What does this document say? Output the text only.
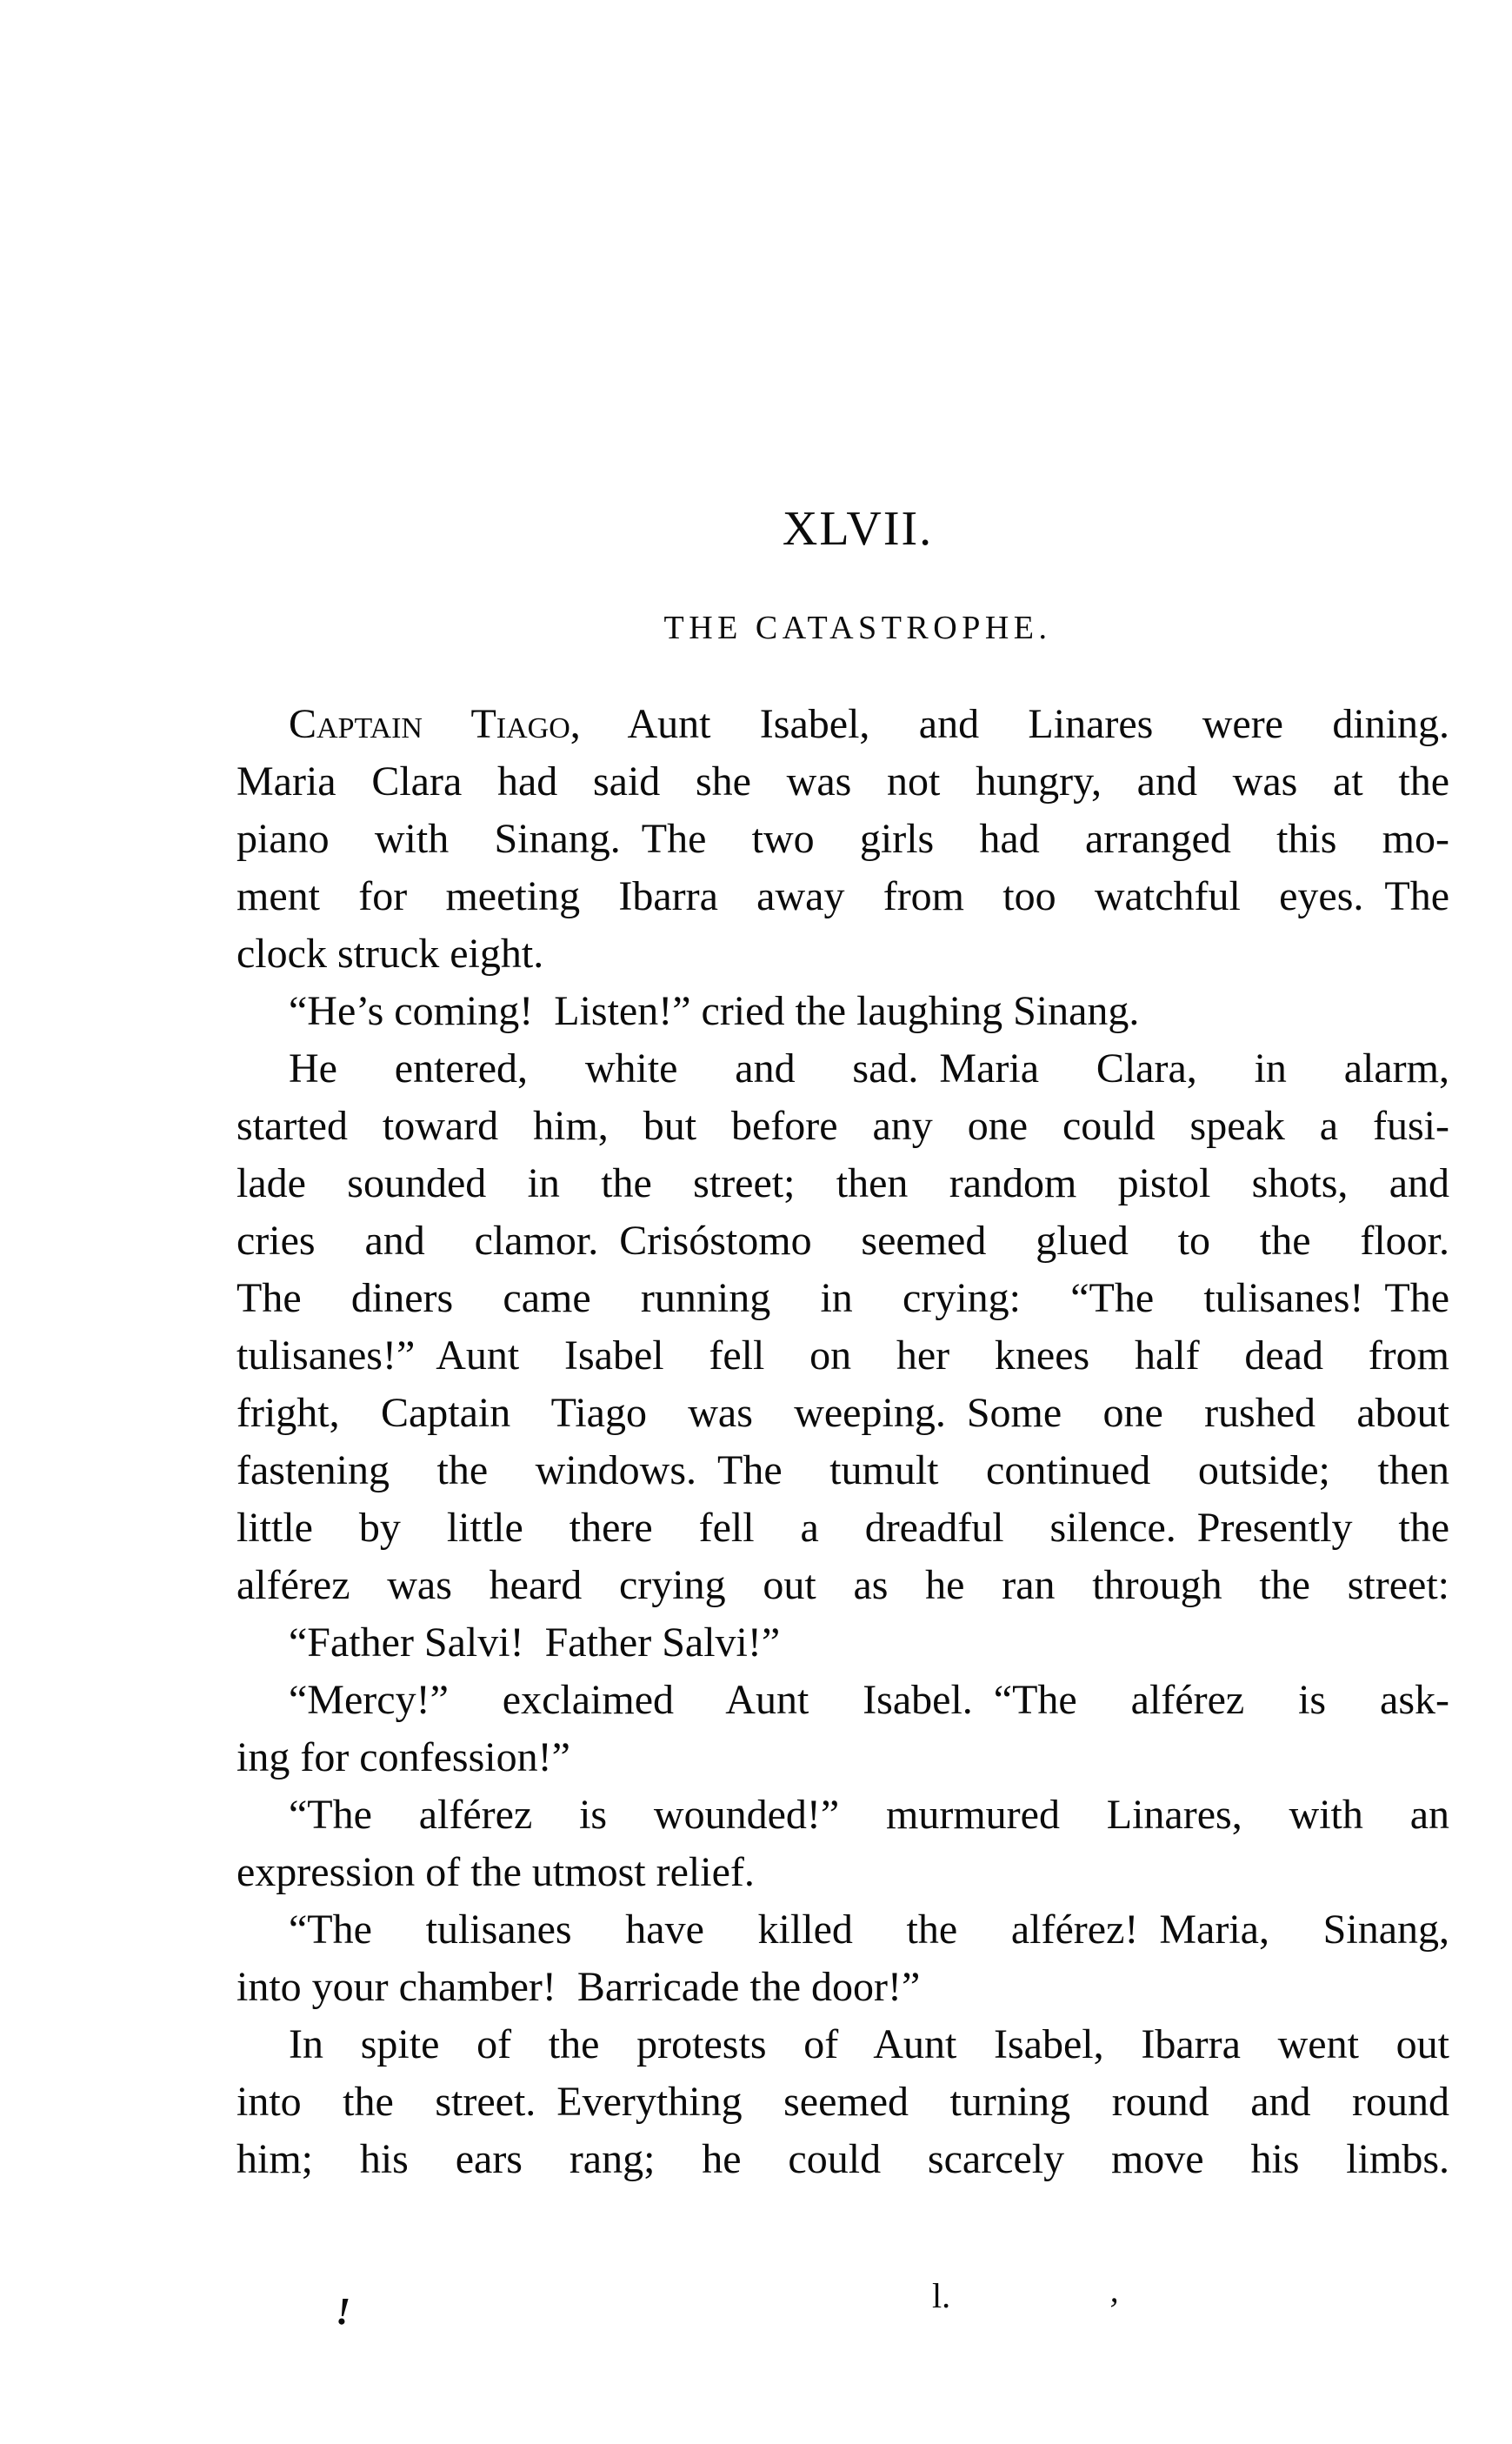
XLVII.
THE CATASTROPHE.
Captain Tiago, Aunt Isabel, and Linares were dining.
Maria Clara had said she was not hungry, and was at the
piano with Sinang. The two girls had arranged this mo-
ment for meeting Ibarra away from too watchful eyes. The
clock struck eight.
“He’s coming! Listen!” cried the laughing Sinang.
He entered, white and sad. Maria Clara, in alarm,
started toward him, but before any one could speak a fusi-
lade sounded in the street; then random pistol shots, and
cries and clamor. Crisóstomo seemed glued to the floor.
The diners came running in crying: “The tulisanes! The
tulisanes!” Aunt Isabel fell on her knees half dead from
fright, Captain Tiago was weeping. Some one rushed about
fastening the windows. The tumult continued outside; then
little by little there fell a dreadful silence. Presently the
alférez was heard crying out as he ran through the street:
“Father Salvi! Father Salvi!”
“Mercy!” exclaimed Aunt Isabel. “The alférez is ask-
ing for confession!”
“The alférez is wounded!” murmured Linares, with an
expression of the utmost relief.
“The tulisanes have killed the alférez! Maria, Sinang,
into your chamber! Barricade the door!”
In spite of the protests of Aunt Isabel, Ibarra went out
into the street. Everything seemed turning round and round
him; his ears rang; he could scarcely move his limbs.
!	l.	’
